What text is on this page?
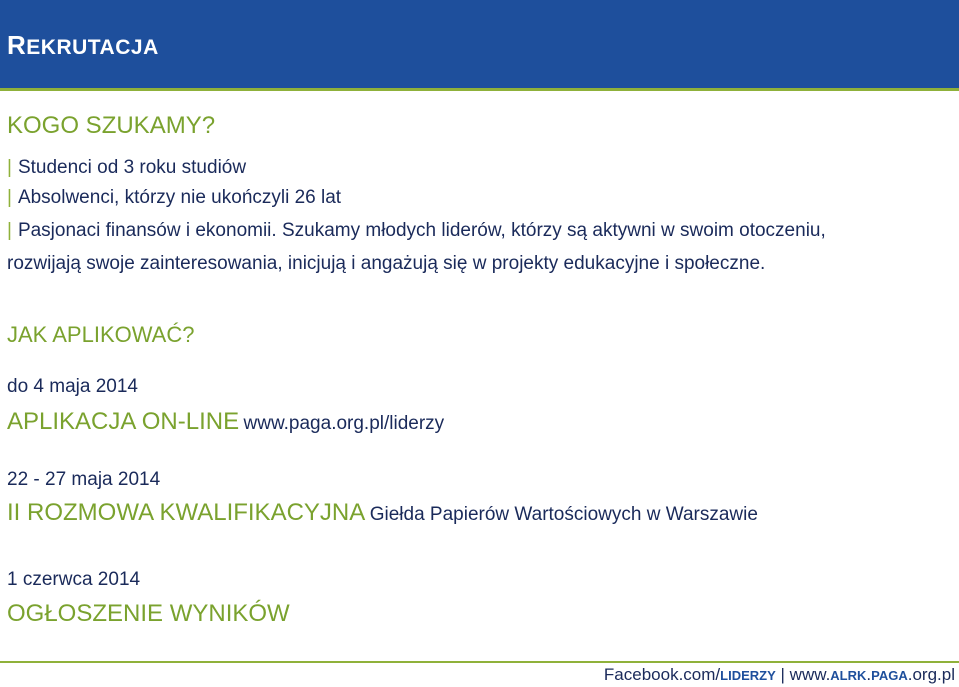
REKRUTACJA
KOGO SZUKAMY?
| Studenci od 3 roku studiów
| Absolwenci, którzy nie ukończyli 26 lat
| Pasjonaci finansów i ekonomii. Szukamy młodych liderów, którzy są aktywni w swoim otoczeniu,
rozwijają swoje zainteresowania, inicjują i angażują się w projekty edukacyjne i społeczne.
JAK APLIKOWAĆ?
do 4 maja 2014
APLIKACJA ON-LINE www.paga.org.pl/liderzy
22 - 27 maja 2014
II ROZMOWA KWALIFIKACYJNA Giełda Papierów Wartościowych w Warszawie
1 czerwca 2014
OGŁOSZENIE WYNIKÓW
Facebook.com/LIDERZY | www.ALRK.PAGA.org.pl
